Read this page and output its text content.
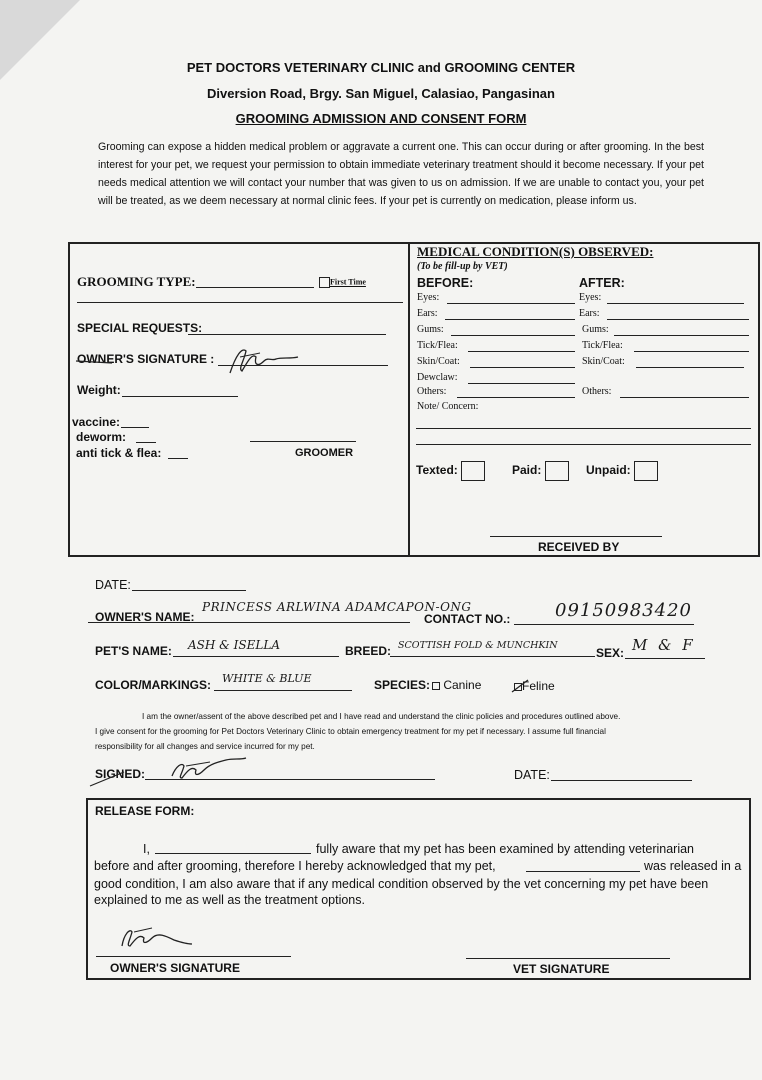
PET DOCTORS VETERINARY CLINIC and GROOMING CENTER
Diversion Road, Brgy. San Miguel, Calasiao, Pangasinan
GROOMING ADMISSION AND CONSENT FORM
Grooming can expose a hidden medical problem or aggravate a current one. This can occur during or after grooming. In the best interest for your pet, we request your permission to obtain immediate veterinary treatment should it become necessary. If your pet needs medical attention we will contact your number that was given to us on admission. If we are unable to contact you, your pet will be treated, as we deem necessary at normal clinic fees. If your pet is currently on medication, please inform us.
GROOMING TYPE:	First Time
SPECIAL REQUESTS:
OWNER'S SIGNATURE :
Weight:
vaccine:
deworm:
anti tick & flea:	GROOMER
MEDICAL CONDITION(S) OBSERVED:
(To be fill-up by VET)
BEFORE:	AFTER:
Eyes:	Eyes:
Ears:	Ears:
Gums:	Gums:
Tick/Flea:	Tick/Flea:
Skin/Coat:	Skin/Coat:
Dewclaw:
Others:	Others:
Note/ Concern:
Texted:	Paid:	Unpaid:
RECEIVED BY
DATE:
OWNER'S NAME:
PRINCESS ARLWINA ADAMCAPON-ONG
CONTACT NO.: 09150983420
PET'S NAME: ASH & ISELLA	BREED: SCOTTISH FOLD & MUNCHKIN
SEX: M & F
COLOR/MARKINGS: WHITE & BLUE	SPECIES:	Canine	Feline
I am the owner/assent of the above described pet and I have read and understand the clinic policies and procedures outlined above.
I give consent for the grooming for Pet Doctors Veterinary Clinic to obtain emergency treatment for my pet if necessary. I assume full financial
responsibility for all changes and service incurred for my pet.
SIGNED:	DATE:
RELEASE FORM:
I,	fully aware that my pet has been examined by attending veterinarian
before and after grooming, therefore I hereby acknowledged that my pet,	was released in a
good condition, I am also aware that if any medical condition observed by the vet concerning my pet have been
explained to me as well as the treatment options.
OWNER'S SIGNATURE	VET SIGNATURE
